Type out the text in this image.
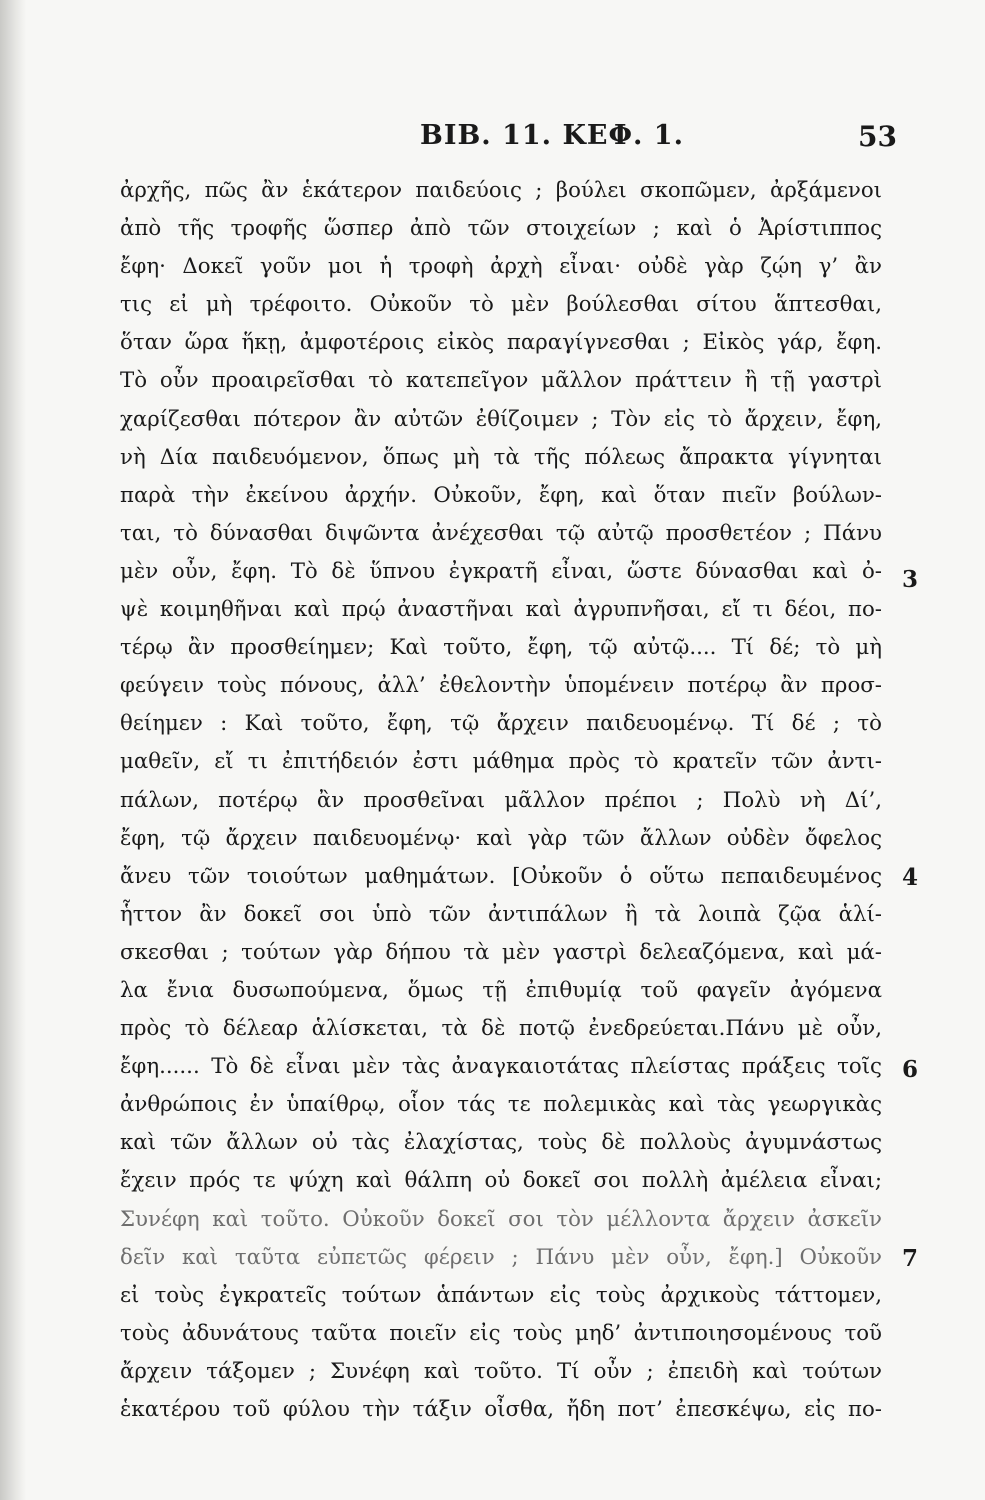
ΒΙΒ. 11. ΚΕΦ. 1.	53
ἀρχῆς, πῶς ἂν ἑκάτερον παιδεύοις ; βούλει σκοπῶμεν, ἀρξάμενοι
ἀπὸ τῆς τροφῆς ὥσπερ ἀπὸ τῶν στοιχείων ; καὶ ὁ Ἀρίστιππος
ἔφη· Δοκεῖ γοῦν μοι ἡ τροφὴ ἀρχὴ εἶναι· οὐδὲ γὰρ ζῴη γ’ ἂν
τις εἰ μὴ τρέφοιτο. Οὐκοῦν τὸ μὲν βούλεσθαι σίτου ἅπτεσθαι,
ὅταν ὥρα ἥκῃ, ἀμφοτέροις εἰκὸς παραγίγνεσθαι ; Εἰκὸς γάρ, ἔφη.
Τὸ οὖν προαιρεῖσθαι τὸ κατεπεῖγον μᾶλλον πράττειν ἢ τῇ γαστρὶ
χαρίζεσθαι πότερον ἂν αὐτῶν ἐθίζοιμεν ; Τὸν εἰς τὸ ἄρχειν, ἔφη,
νὴ Δία παιδευόμενον, ὅπως μὴ τὰ τῆς πόλεως ἄπρακτα γίγνηται
παρὰ τὴν ἐκείνου ἀρχήν. Οὐκοῦν, ἔφη, καὶ ὅταν πιεῖν βούλων-
ται, τὸ δύνασθαι διψῶντα ἀνέχεσθαι τῷ αὐτῷ προσθετέον ; Πάνυ
μὲν οὖν, ἔφη. Τὸ δὲ ὕπνου ἐγκρατῆ εἶναι, ὥστε δύνασθαι καὶ ὀ-
ψὲ κοιμηθῆναι καὶ πρῴ ἀναστῆναι καὶ ἀγρυπνῆσαι, εἴ τι δέοι, πο-
τέρῳ ἂν προσθείημεν; Καὶ τοῦτο, ἔφη, τῷ αὐτῷ.... Τί δέ; τὸ μὴ
φεύγειν τοὺς πόνους, ἀλλ’ ἐθελοντὴν ὑπομένειν ποτέρῳ ἂν προσ-
θείημεν : Καὶ τοῦτο, ἔφη, τῷ ἄρχειν παιδευομένῳ. Τί δέ ; τὸ
μαθεῖν, εἴ τι ἐπιτήδειόν ἐστι μάθημα πρὸς τὸ κρατεῖν τῶν ἀντι-
πάλων, ποτέρῳ ἂν προσθεῖναι μᾶλλον πρέποι ; Πολὺ νὴ Δί’,
ἔφη, τῷ ἄρχειν παιδευομένῳ· καὶ γὰρ τῶν ἄλλων οὐδὲν ὄφελος
ἄνευ τῶν τοιούτων μαθημάτων. [Οὐκοῦν ὁ οὕτω πεπαιδευμένος
ἧττον ἂν δοκεῖ σοι ὑπὸ τῶν ἀντιπάλων ἢ τὰ λοιπὰ ζῷα ἁλί-
σκεσθαι ; τούτων γὰρ δήπου τὰ μὲν γαστρὶ δελεαζόμενα, καὶ μά-
λα ἔνια δυσωπούμενα, ὅμως τῇ ἐπιθυμίᾳ τοῦ φαγεῖν ἀγόμενα
πρὸς τὸ δέλεαρ ἁλίσκεται, τὰ δὲ ποτῷ ἐνεδρεύεται.Πάνυ μὲ οὖν,
ἔφη...... Τὸ δὲ εἶναι μὲν τὰς ἀναγκαιοτάτας πλείστας πράξεις τοῖς
ἀνθρώποις ἐν ὑπαίθρῳ, οἷον τάς τε πολεμικὰς καὶ τὰς γεωργικὰς
καὶ τῶν ἄλλων οὐ τὰς ἐλαχίστας, τοὺς δὲ πολλοὺς ἀγυμνάστως
ἔχειν πρός τε ψύχη καὶ θάλπη οὐ δοκεῖ σοι πολλὴ ἀμέλεια εἶναι;
Συνέφη καὶ τοῦτο. Οὐκοῦν δοκεῖ σοι τὸν μέλλοντα ἄρχειν ἀσκεῖν
δεῖν καὶ ταῦτα εὐπετῶς φέρειν ; Πάνυ μὲν οὖν, ἔφη.] Οὐκοῦν
εἰ τοὺς ἐγκρατεῖς τούτων ἁπάντων εἰς τοὺς ἀρχικοὺς τάττομεν,
τοὺς ἀδυνάτους ταῦτα ποιεῖν εἰς τοὺς μηδ’ ἀντιποιησομένους τοῦ
ἄρχειν τάξομεν ; Συνέφη καὶ τοῦτο. Τί οὖν ; ἐπειδὴ καὶ τούτων
ἑκατέρου τοῦ φύλου τὴν τάξιν οἶσθα, ἤδη ποτ’ ἐπεσκέψω, εἰς πο-
3
4
6
7
